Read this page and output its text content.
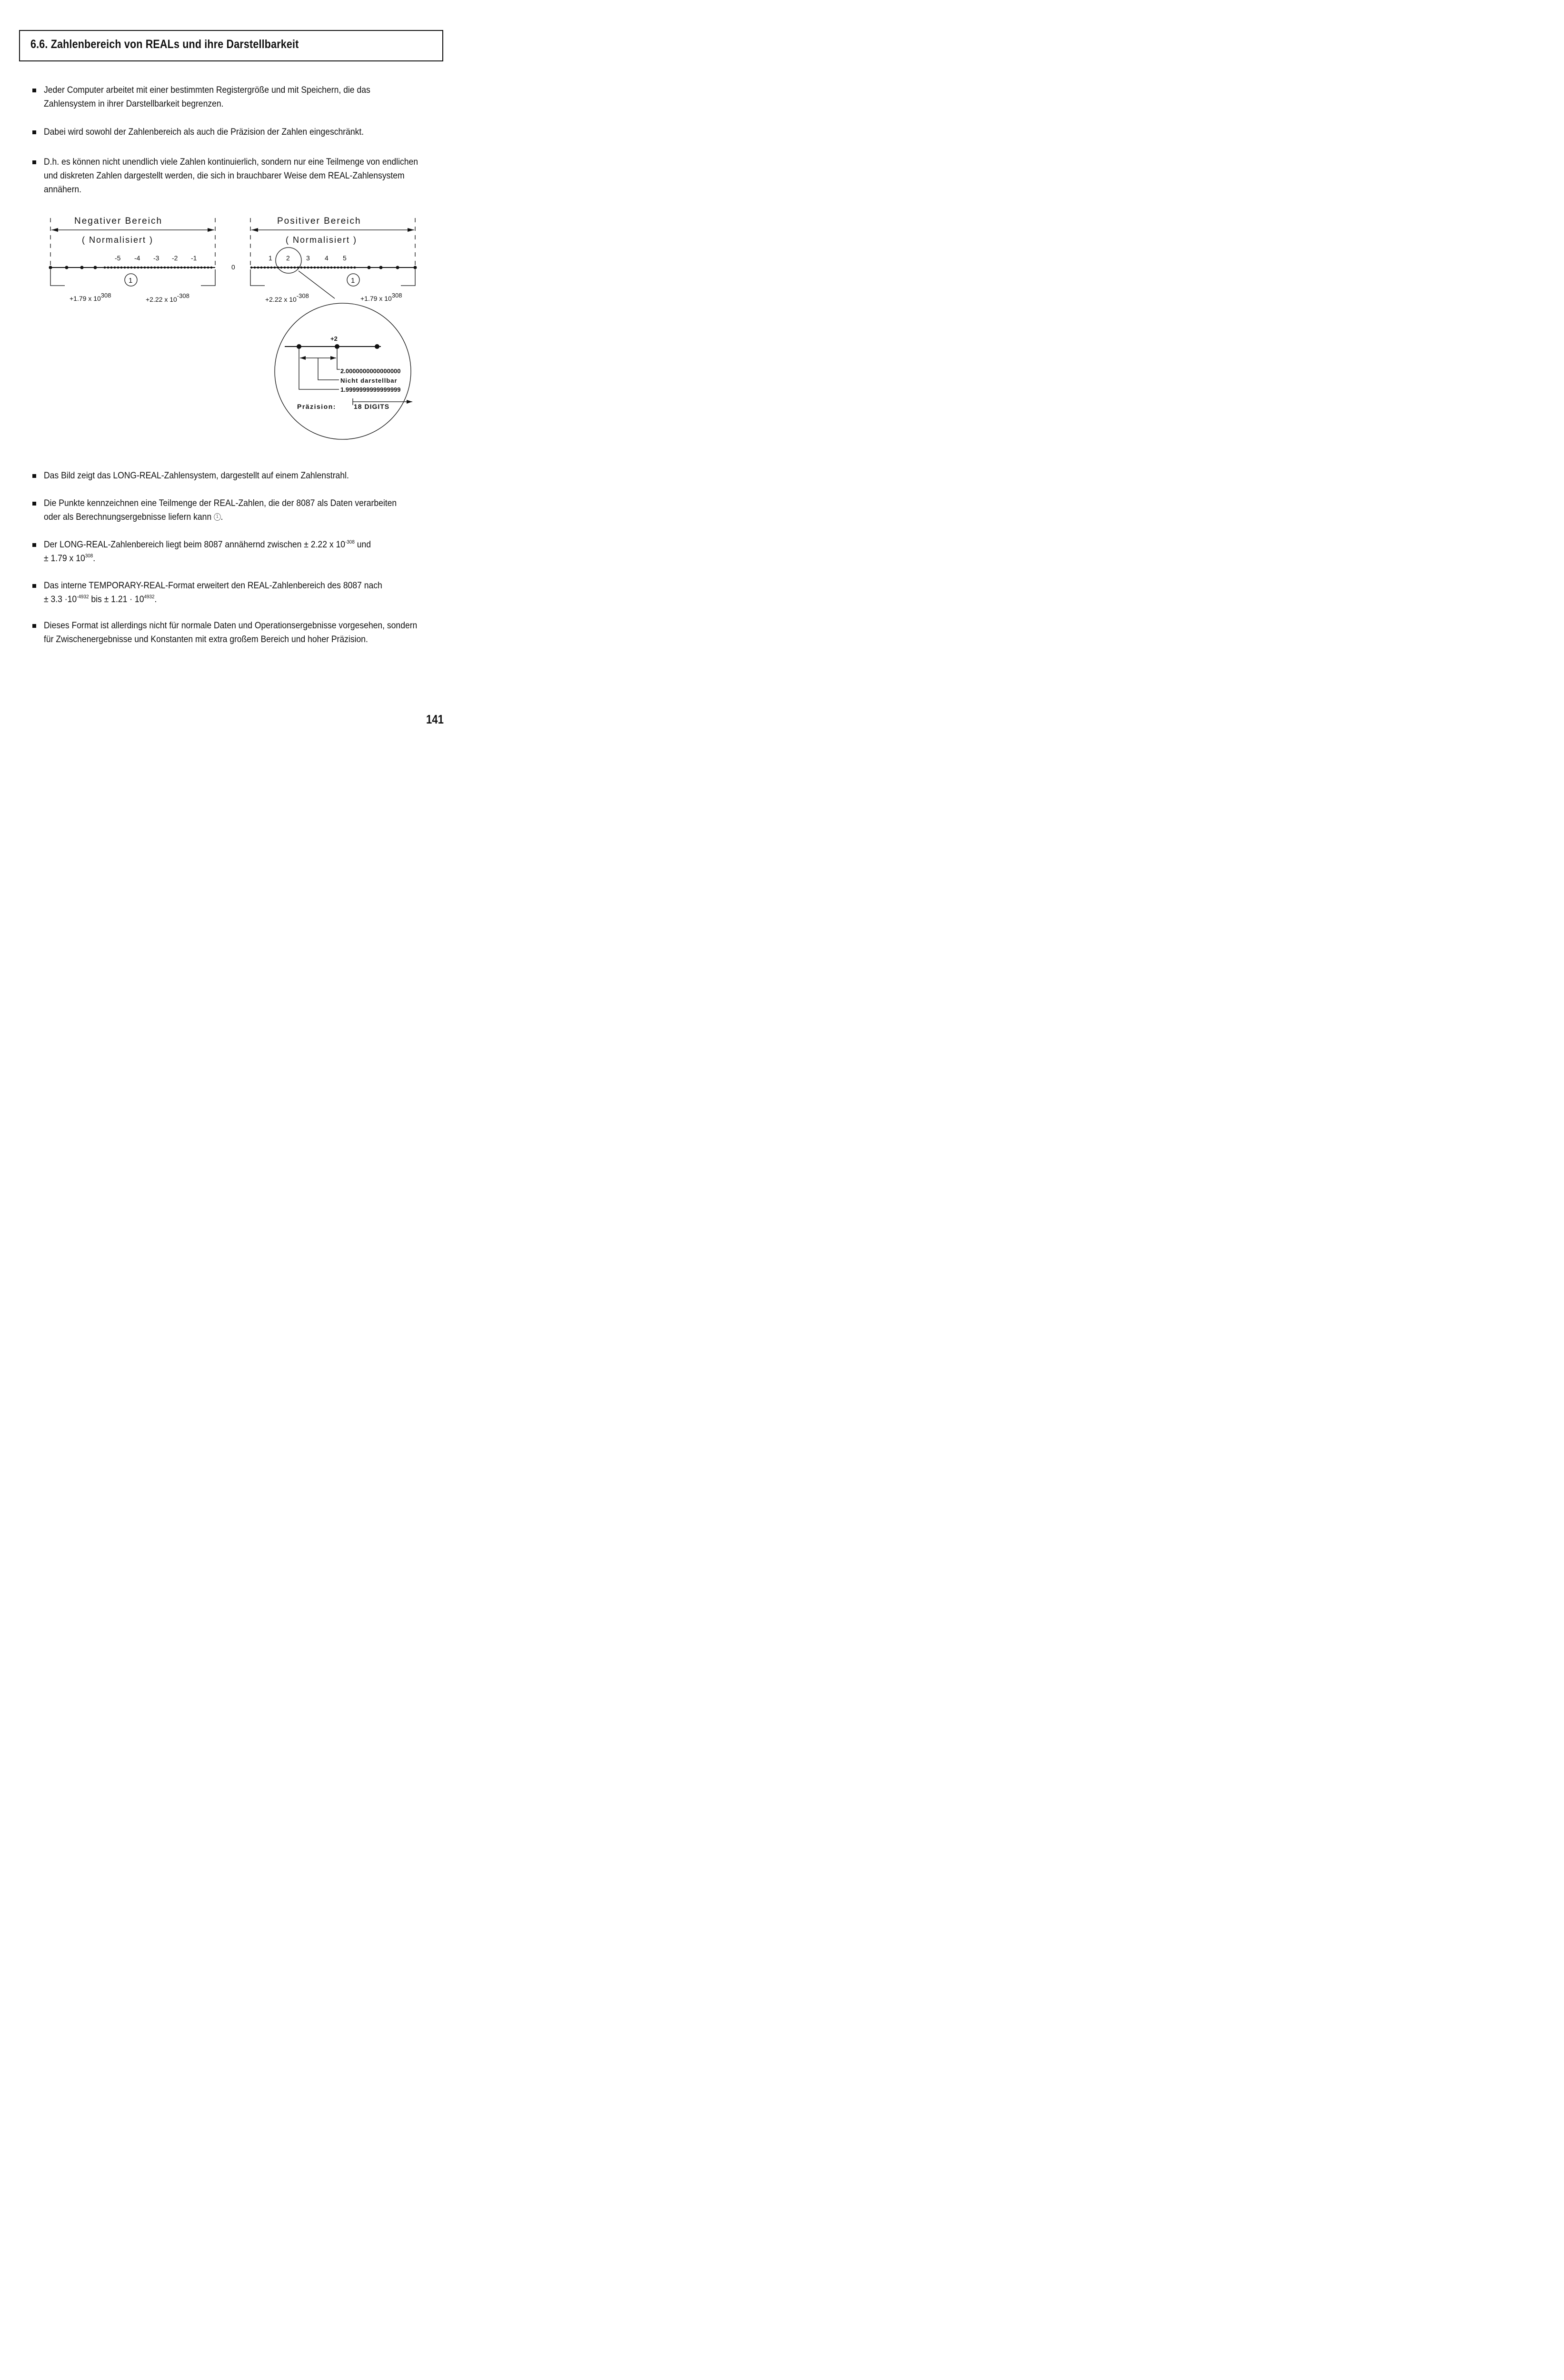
6.6. Zahlenbereich von REALs und ihre Darstellbarkeit
Jeder Computer arbeitet mit einer bestimmten Registergröße und mit Speichern, die das Zahlensystem in ihrer Darstellbarkeit begrenzen.
Dabei wird sowohl der Zahlenbereich als auch die Präzision der Zahlen eingeschränkt.
D.h. es können nicht unendlich viele Zahlen kontinuierlich, sondern nur eine Teilmenge von endlichen und diskreten Zahlen dargestellt werden, die sich in brauchbarer Weise dem REAL-Zahlensystem annähern.
Negativer Bereich	Positiver Bereich
( Normalisiert )	( Normalisiert )
-5 -4 -3 -2 -1
0
1 2 3 4 5
1	1
+1.79 x 10308
+2.22 x 10-308	+2.22 x 10-308	+1.79 x 10308
+2
2.0000000000000000
Nicht darstellbar
1.9999999999999999
Präzision:	18 DIGITS
Das Bild zeigt das LONG-REAL-Zahlensystem, dargestellt auf einem Zahlenstrahl.
Die Punkte kennzeichnen eine Teilmenge der REAL-Zahlen, die der 8087 als Daten verarbeiten
oder als Berechnungsergebnisse liefern kann 1 .
Der LONG-REAL-Zahlenbereich liegt beim 8087 annähernd zwischen ± 2.22 x $10^{-308}$ und
± 1.79 x $10^{308}$.
Das interne TEMPORARY-REAL-Format erweitert den REAL-Zahlenbereich des 8087 nach
± $3.3 \cdot 10^{-4932}$ bis ± $1.21 \cdot 10^{4932}$.
Dieses Format ist allerdings nicht für normale Daten und Operationsergebnisse vorgesehen, sondern für Zwischenergebnisse und Konstanten mit extra großem Bereich und hoher Präzision.
141
